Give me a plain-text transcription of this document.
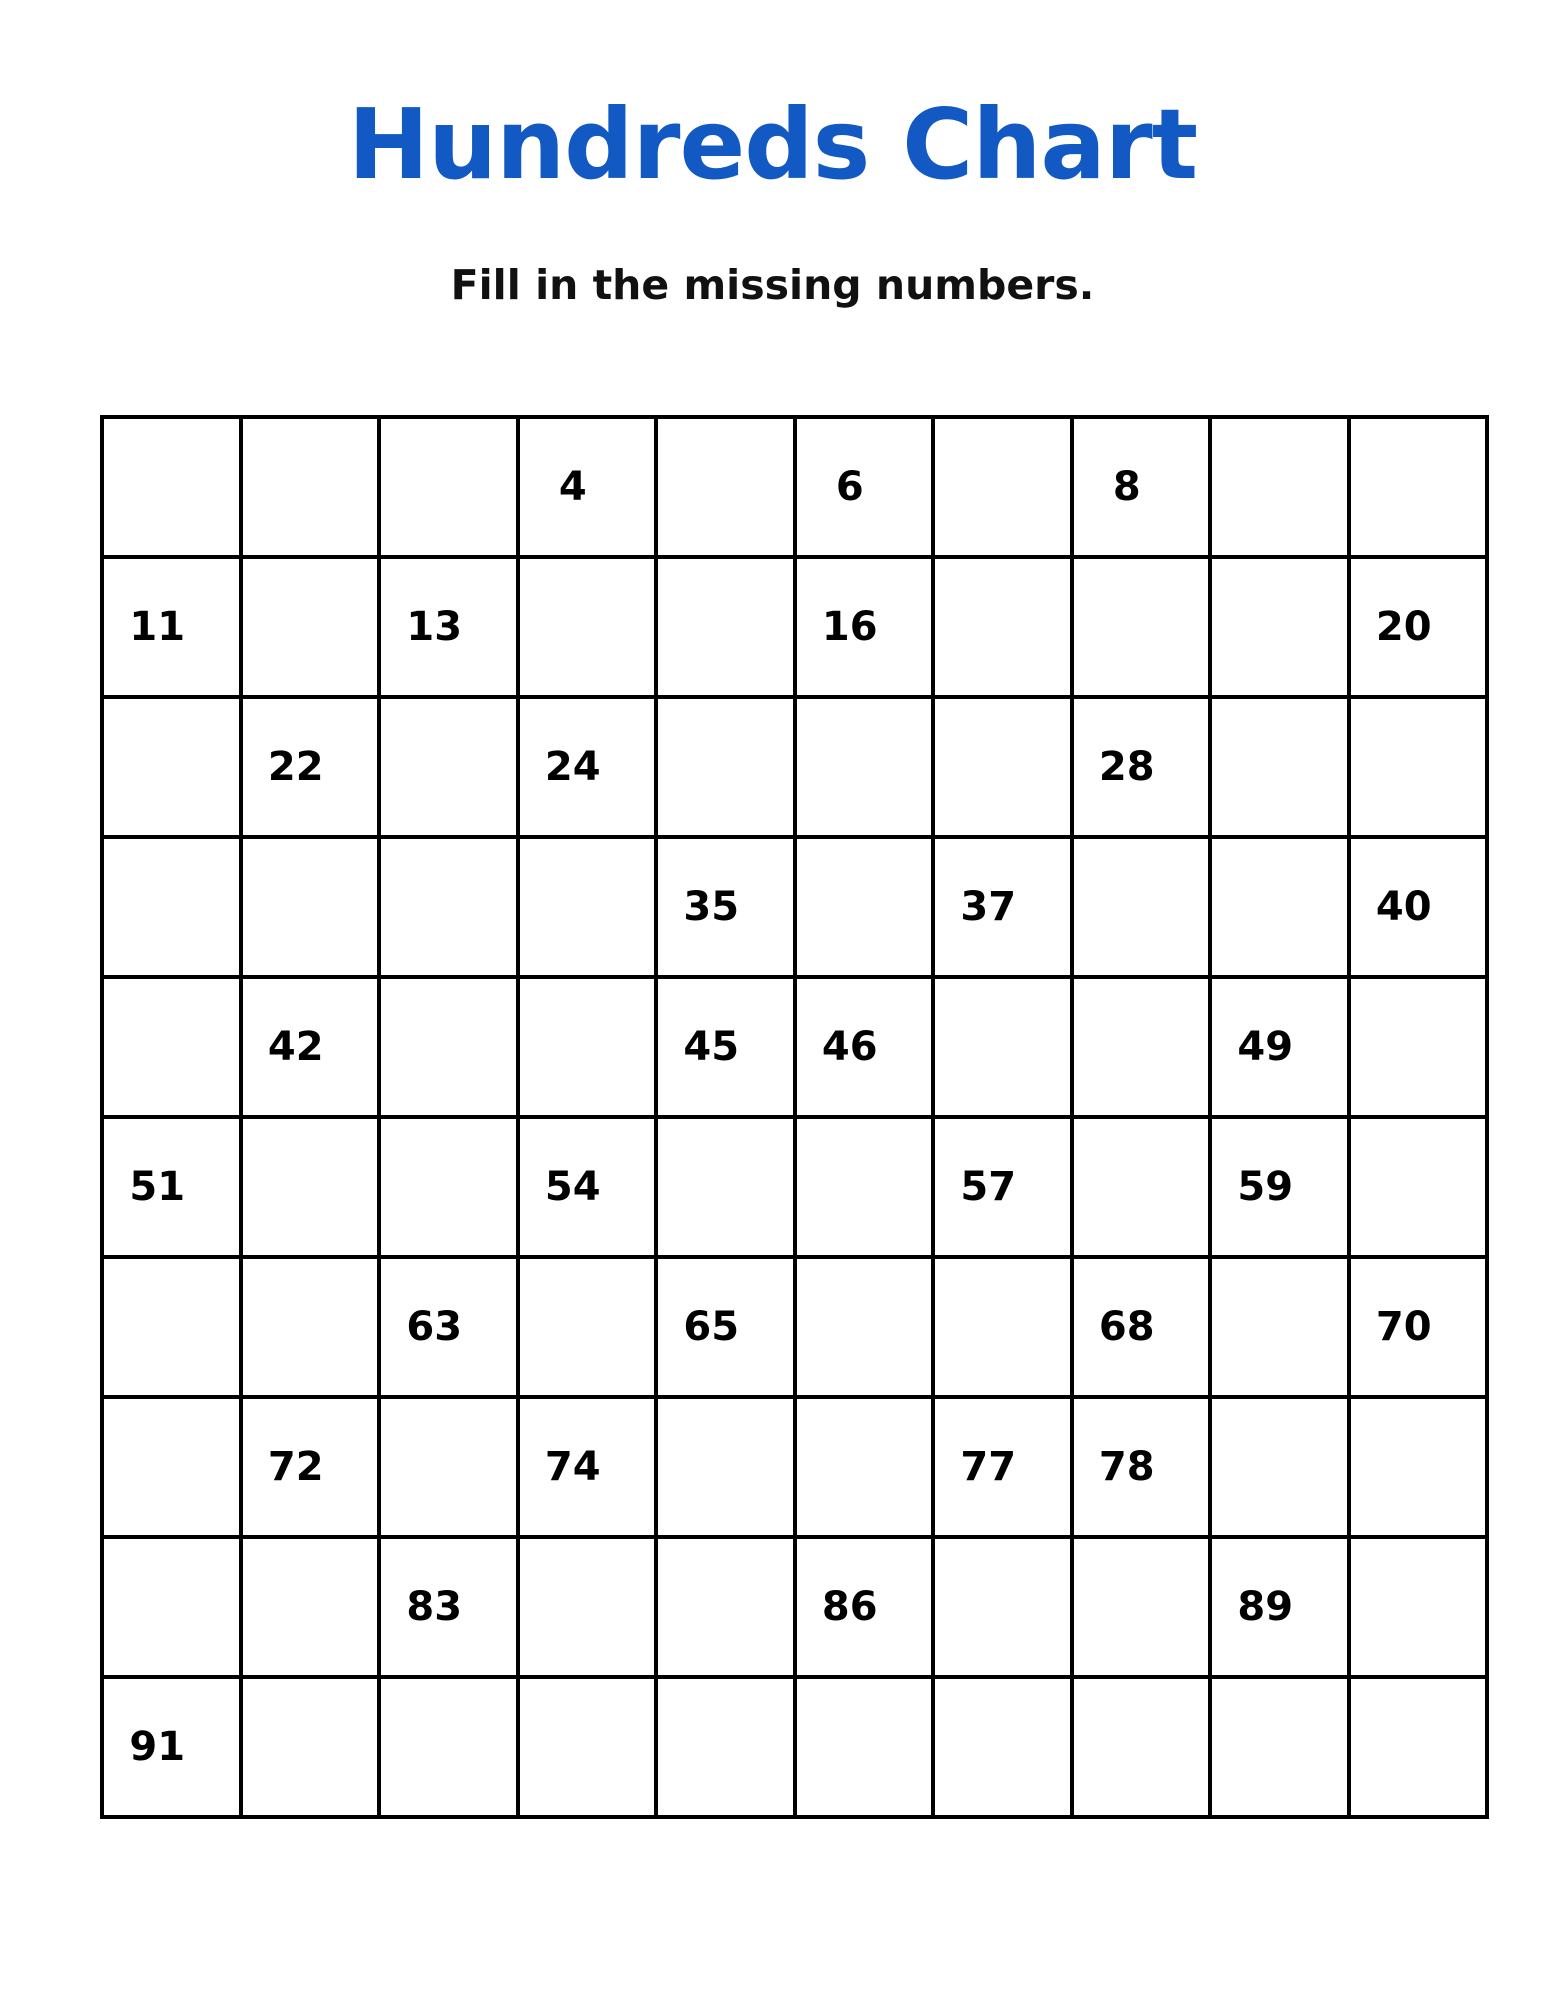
Hundreds Chart

Fill in the missing numbers.

			4		6		8		

11		13			16				20

	22		24				28		

				35		37			40

	42			45	46			49	

51			54			57		59	

		63		65			68		70

	72		74			77	78		

		83			86			89	

91									
